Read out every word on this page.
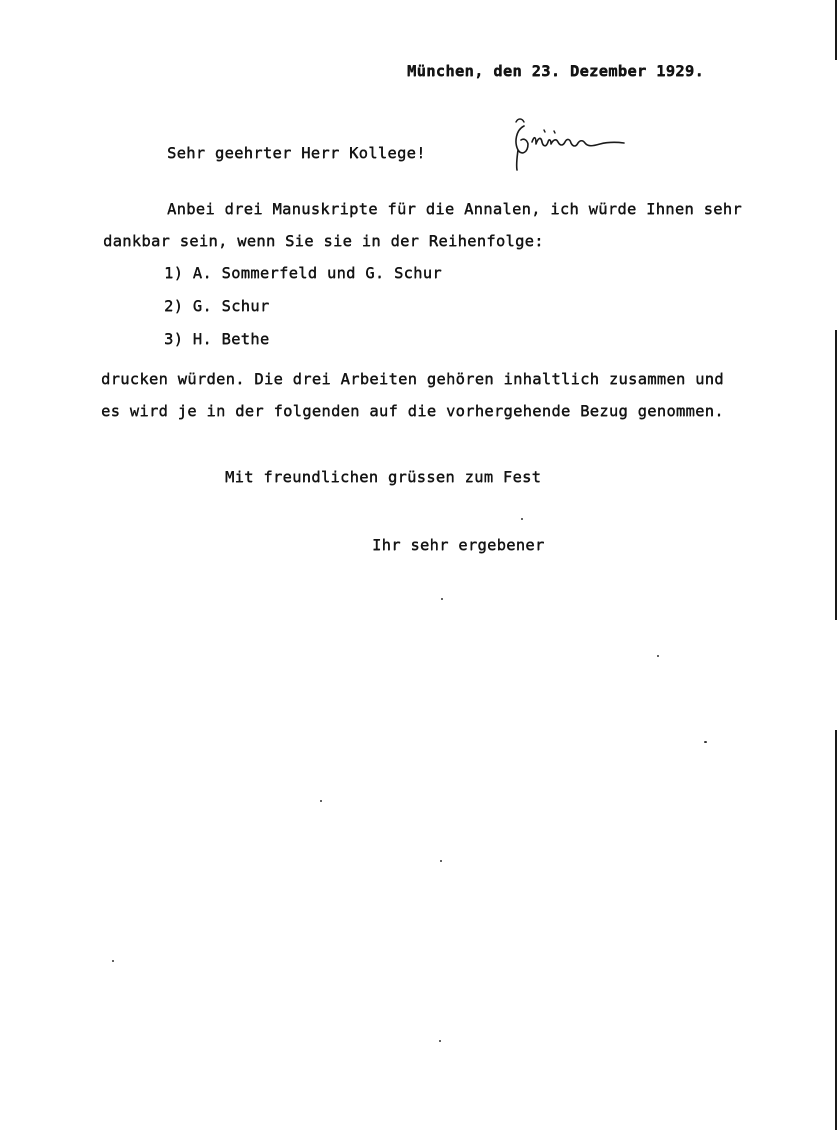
München, den 23. Dezember 1929.
Sehr geehrter Herr Kollege!
Anbei drei Manuskripte für die Annalen, ich würde Ihnen sehr
dankbar sein, wenn Sie sie in der Reihenfolge:
1) A. Sommerfeld und G. Schur
2) G. Schur
3) H. Bethe
drucken würden. Die drei Arbeiten gehören inhaltlich zusammen und
es wird je in der folgenden auf die vorhergehende Bezug genommen.
Mit freundlichen grüssen zum Fest
Ihr sehr ergebener
